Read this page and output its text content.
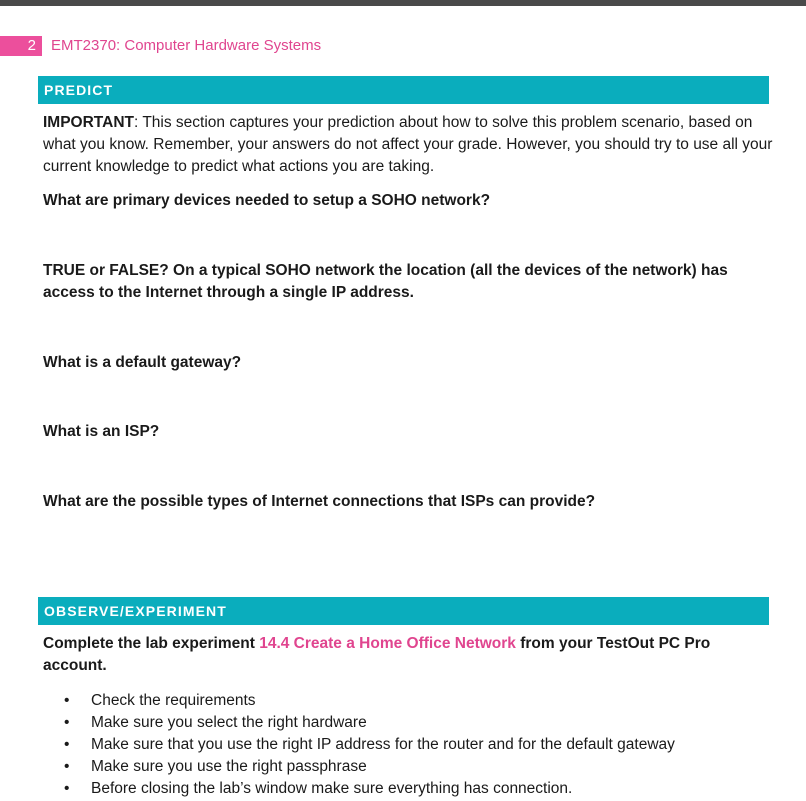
2	EMT2370: Computer Hardware Systems
PREDICT
IMPORTANT: This section captures your prediction about how to solve this problem scenario, based on what you know. Remember, your answers do not affect your grade. However, you should try to use all your current knowledge to predict what actions you are taking.
What are primary devices needed to setup a SOHO network?
TRUE or FALSE? On a typical SOHO network the location (all the devices of the network) has access to the Internet through a single IP address.
What is a default gateway?
What is an ISP?
What are the possible types of Internet connections that ISPs can provide?
OBSERVE/EXPERIMENT
Complete the lab experiment 14.4 Create a Home Office Network from your TestOut PC Pro account.
• Check the requirements
• Make sure you select the right hardware
• Make sure that you use the right IP address for the router and for the default gateway
• Make sure you use the right passphrase
• Before closing the lab’s window make sure everything has connection.
